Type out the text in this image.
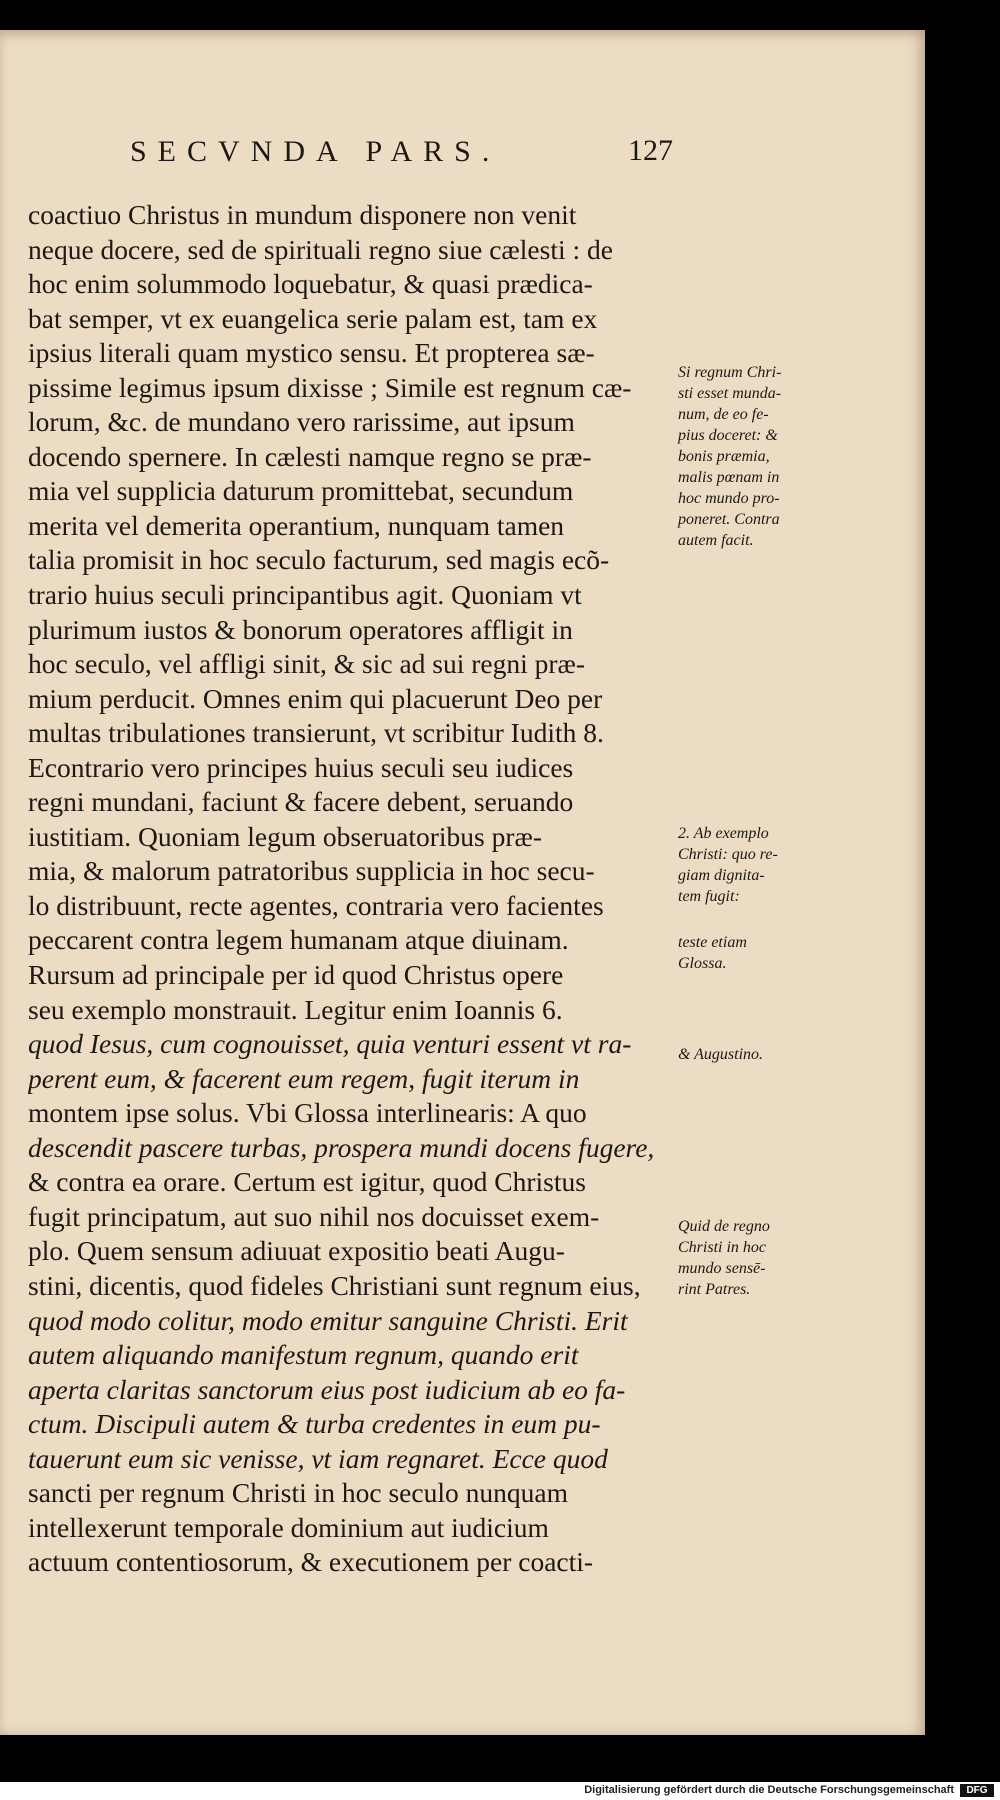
SECVNDA PARS.	127
coactiuo Christus in mundum disponere non venit
neque docere, sed de spirituali regno siue cælesti : de
hoc enim solummodo loquebatur, & quasi prædica-
bat semper, vt ex euangelica serie palam est, tam ex
ipsius literali quam mystico sensu. Et propterea sæ-
pissime legimus ipsum dixisse ; Simile est regnum cæ-
lorum, &c. de mundano vero rarissime, aut ipsum
docendo spernere. In cælesti namque regno se præ-
mia vel supplicia daturum promittebat, secundum
merita vel demerita operantium, nunquam tamen
talia promisit in hoc seculo facturum, sed magis ecõ-
trario huius seculi principantibus agit. Quoniam vt
plurimum iustos & bonorum operatores affligit in
hoc seculo, vel affligi sinit, & sic ad sui regni præ-
mium perducit. Omnes enim qui placuerunt Deo per
multas tribulationes transierunt, vt scribitur Iudith 8.
Econtrario vero principes huius seculi seu iudices
regni mundani, faciunt & facere debent, seruando
iustitiam. Quoniam legum obseruatoribus præ-
mia, & malorum patratoribus supplicia in hoc secu-
lo distribuunt, recte agentes, contraria vero facientes
peccarent contra legem humanam atque diuinam.
Rursum ad principale per id quod Christus opere
seu exemplo monstrauit. Legitur enim Ioannis 6.
quod Iesus, cum cognouisset, quia venturi essent vt ra-
perent eum, & facerent eum regem, fugit iterum in
montem ipse solus. Vbi Glossa interlinearis: A quo
descendit pascere turbas, prospera mundi docens fugere,
& contra ea orare. Certum est igitur, quod Christus
fugit principatum, aut suo nihil nos docuisset exem-
plo. Quem sensum adiuuat expositio beati Augu-
stini, dicentis, quod fideles Christiani sunt regnum eius,
quod modo colitur, modo emitur sanguine Christi. Erit
autem aliquando manifestum regnum, quando erit
aperta claritas sanctorum eius post iudicium ab eo fa-
ctum. Discipuli autem & turba credentes in eum pu-
tauerunt eum sic venisse, vt iam regnaret. Ecce quod
sancti per regnum Christi in hoc seculo nunquam
intellexerunt temporale dominium aut iudicium
actuum contentiosorum, & executionem per coacti-
Si regnum Chri-
sti esset munda-
num, de eo fe-
pius doceret: &
bonis præmia,
malis pœnam in
hoc mundo pro-
poneret. Contra
autem facit.
2. Ab exemplo
Christi: quo re-
giam dignita-
tem fugit:
teste etiam
Glossa.
& Augustino.
Quid de regno
Christi in hoc
mundo sensē-
rint Patres.
Digitalisierung gefördert durch die Deutsche Forschungsgemeinschaft	DFG
